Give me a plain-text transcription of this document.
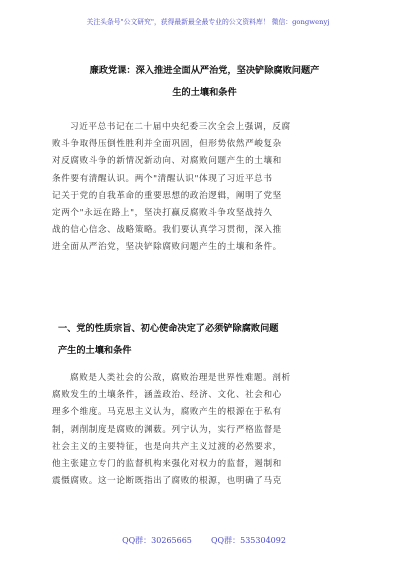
关注头条号"公文研究"，获得最新最全最专业的公文资料库！ 微信：gongwenyj
廉政党课：深入推进全面从严治党，坚决铲除腐败问题产
生的土壤和条件
习近平总书记在二十届中央纪委三次全会上强调，反腐
败斗争取得压倒性胜利并全面巩固，但形势依然严峻复杂
对反腐败斗争的新情况新动向、对腐败问题产生的土壤和
条件要有清醒认识。两个"清醒认识"体现了习近平总书
记关于党的自我革命的重要思想的政治逻辑，阐明了党坚
定两个"永远在路上"，坚决打赢反腐败斗争攻坚战持久
战的信心信念、战略策略。我们要认真学习贯彻，深入推
进全面从严治党，坚决铲除腐败问题产生的土壤和条件。
一、党的性质宗旨、初心使命决定了必须铲除腐败问题
产生的土壤和条件
腐败是人类社会的公敌，腐败治理是世界性难题。剖析
腐败发生的土壤条件，涵盖政治、经济、文化、社会和心
理多个维度。马克思主义认为，腐败产生的根源在于私有
制，剥削制度是腐败的渊薮。列宁认为，实行严格监督是
社会主义的主要特征，也是向共产主义过渡的必然要求，
他主张建立专门的监督机构来强化对权力的监督，遏制和
震慑腐败。这一论断既指出了腐败的根源，也明确了马克
QQ群：30265665 QQ群：535304092
